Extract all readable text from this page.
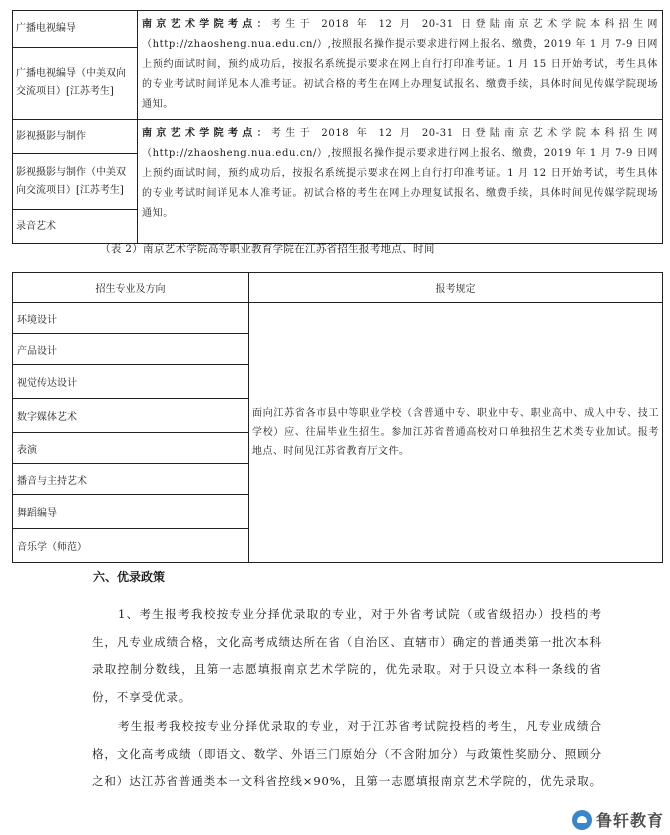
广播电视编导	南京艺术学院考点：考生于 2018 年 12 月 20-31 日登陆南京艺术学院本科招生网（http://zhaosheng.nua.edu.cn/）,按照报名操作提示要求进行网上报名、缴费，2019 年 1 月 7-9 日网上预约面试时间，预约成功后，按报名系统提示要求在网上自行打印准考证。1 月 15 日开始考试，考生具体的专业考试时间详见本人准考证。初试合格的考生在网上办理复试报名、缴费手续，具体时间见传媒学院现场通知。
广播电视编导（中美双向交流项目）[江苏考生]	
影视摄影与制作	南京艺术学院考点：考生于 2018 年 12 月 20-31 日登陆南京艺术学院本科招生网（http://zhaosheng.nua.edu.cn/）,按照报名操作提示要求进行网上报名、缴费，2019 年 1 月 7-9 日网上预约面试时间，预约成功后，按报名系统提示要求在网上自行打印准考证。1 月 12 日开始考试，考生具体的专业考试时间详见本人准考证。初试合格的考生在网上办理复试报名、缴费手续，具体时间见传媒学院现场通知。
影视摄影与制作（中美双向交流项目）[江苏考生]	
录音艺术	
（表 2）南京艺术学院高等职业教育学院在江苏省招生报考地点、时间
招生专业及方向	报考规定
环境设计	面向江苏省各市县中等职业学校（含普通中专、职业中专、职业高中、成人中专、技工学校）应、往届毕业生招生。参加江苏省普通高校对口单独招生艺术类专业加试。报考地点、时间见江苏省教育厅文件。
产品设计	
视觉传达设计	
数字媒体艺术	
表演	
播音与主持艺术	
舞蹈编导	
音乐学（师范）	
六、优录政策
1、考生报考我校按专业分择优录取的专业，对于外省考试院（或省级招办）投档的考生，凡专业成绩合格，文化高考成绩达所在省（自治区、直辖市）确定的普通类第一批次本科录取控制分数线，且第一志愿填报南京艺术学院的，优先录取。对于只设立本科一条线的省份，不享受优录。
考生报考我校按专业分择优录取的专业，对于江苏省考试院投档的考生，凡专业成绩合格，文化高考成绩（即语文、数学、外语三门原始分（不含附加分）与政策性奖励分、照顾分之和）达江苏省普通类本一文科省控线×90%，且第一志愿填报南京艺术学院的，优先录取。
鲁轩教育
